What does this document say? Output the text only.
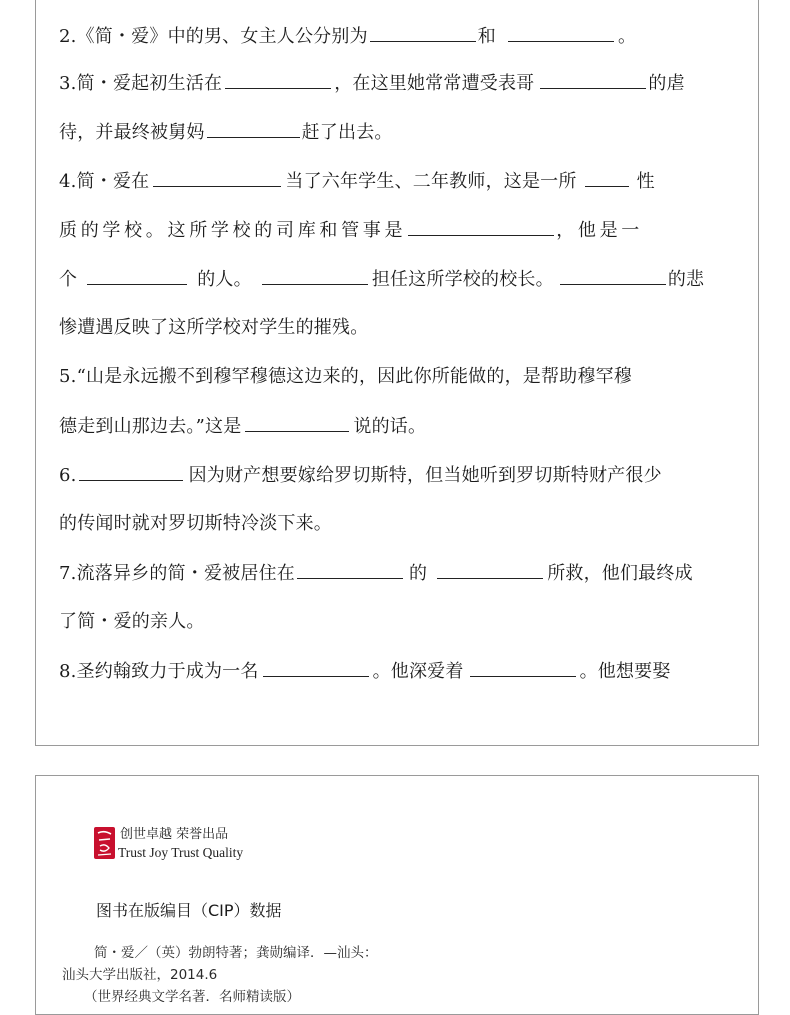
2.《简・爱》中的男、女主人公分别为	和	。

3.简・爱起初生活在	，在这里她常常遭受表哥	的虐

待，并最终被舅妈	赶了出去。

4.简・爱在	当了六年学生、二年教师，这是一所	性

质的学校。这所学校的司库和管事是	，他是一

个	的人。	担任这所学校的校长。	的悲

惨遭遇反映了这所学校对学生的摧残。

5.“山是永远搬不到穆罕穆德这边来的，因此你所能做的，是帮助穆罕穆

德走到山那边去。”这是	说的话。

6.	因为财产想要嫁给罗切斯特，但当她听到罗切斯特财产很少

的传闻时就对罗切斯特冷淡下来。

7.流落异乡的简・爱被居住在	的	所救，他们最终成

了简・爱的亲人。

8.圣约翰致力于成为一名	。他深爱着	。他想要娶

创世卓越 荣誉出品

Trust Joy Trust Quality

图书在版编目（CIP）数据

简・爱／（英）勃朗特著；龚勋编译．—汕头：

汕头大学出版社，2014.6

（世界经典文学名著．名师精读版）
